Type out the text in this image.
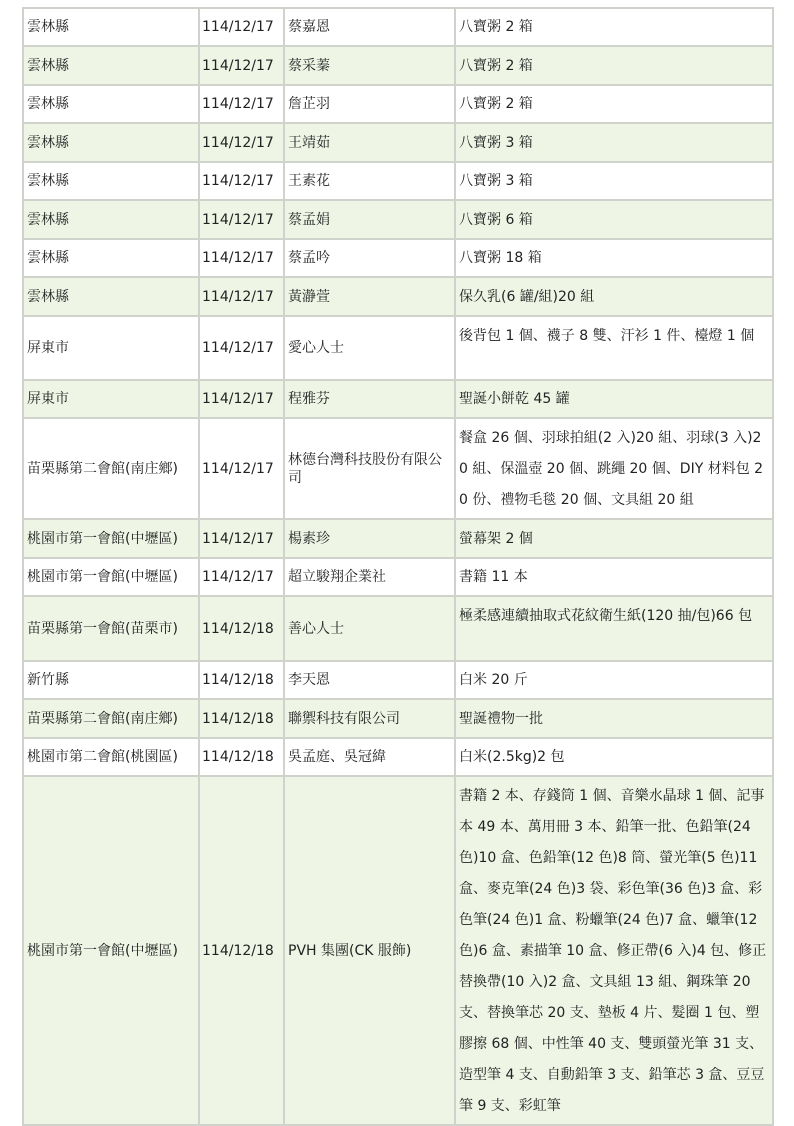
雲林縣	114/12/17	蔡嘉恩	八寶粥 2 箱
雲林縣	114/12/17	蔡采蓁	八寶粥 2 箱
雲林縣	114/12/17	詹芷羽	八寶粥 2 箱
雲林縣	114/12/17	王靖茹	八寶粥 3 箱
雲林縣	114/12/17	王素花	八寶粥 3 箱
雲林縣	114/12/17	蔡孟娟	八寶粥 6 箱
雲林縣	114/12/17	蔡孟吟	八寶粥 18 箱
雲林縣	114/12/17	黃瀞萱	保久乳(6 罐/組)20 組
屏東市	114/12/17	愛心人士	後背包 1 個、襪子 8 雙、汗衫 1 件、檯燈 1 個
屏東市	114/12/17	程雅芬	聖誕小餅乾 45 罐
苗栗縣第二會館(南庄鄉)	114/12/17	林德台灣科技股份有限公司	餐盒 26 個、羽球拍組(2 入)20 組、羽球(3 入)20 組、保溫壺 20 個、跳繩 20 個、DIY 材料包 20 份、禮物毛毯 20 個、文具組 20 組
桃園市第一會館(中壢區)	114/12/17	楊素珍	螢幕架 2 個
桃園市第一會館(中壢區)	114/12/17	超立駿翔企業社	書籍 11 本
苗栗縣第一會館(苗栗市)	114/12/18	善心人士	極柔感連續抽取式花紋衛生紙(120 抽/包)66 包
新竹縣	114/12/18	李天恩	白米 20 斤
苗栗縣第二會館(南庄鄉)	114/12/18	聯禦科技有限公司	聖誕禮物一批
桃園市第二會館(桃園區)	114/12/18	吳孟庭、吳冠緯	白米(2.5kg)2 包
桃園市第一會館(中壢區)	114/12/18	PVH 集團(CK 服飾)	書籍 2 本、存錢筒 1 個、音樂水晶球 1 個、記事本 49 本、萬用冊 3 本、鉛筆一批、色鉛筆(24 色)10 盒、色鉛筆(12 色)8 筒、螢光筆(5 色)11 盒、麥克筆(24 色)3 袋、彩色筆(36 色)3 盒、彩色筆(24 色)1 盒、粉蠟筆(24 色)7 盒、蠟筆(12 色)6 盒、素描筆 10 盒、修正帶(6 入)4 包、修正替換帶(10 入)2 盒、文具組 13 組、鋼珠筆 20 支、替換筆芯 20 支、墊板 4 片、髮圈 1 包、塑膠擦 68 個、中性筆 40 支、雙頭螢光筆 31 支、造型筆 4 支、自動鉛筆 3 支、鉛筆芯 3 盒、豆豆筆 9 支、彩虹筆
